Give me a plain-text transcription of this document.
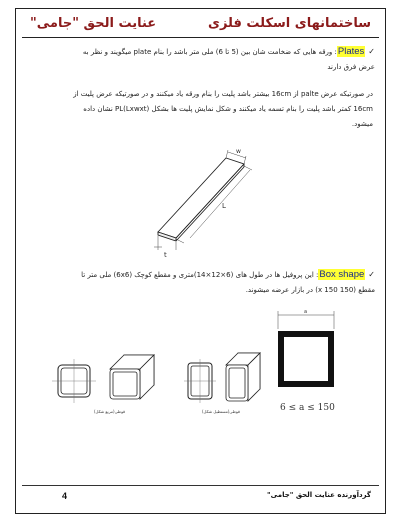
عنایت الحق "جامی"	ساختمانهای اسکلت فلزی
✓Plates: ورقه هایی که ضخامت شان بین (5 تا 6) ملی متر باشد را بنام plate میگویند و نظر به
عرض فرق دارند
در صورتیکه عرض palte از 16cm بیشتر باشد پلیت را بنام ورقه یاد میکنند و در صورتیکه عرض پلیت از
16cm کمتر باشد پلیت را بنام تسمه یاد میکنند و شکل نمایش پلیت ها بشکل PL(Lxwxt) نشان داده
میشود.
w
L
t
✓Box shape: این پروفیل ها در طول های (6×12×14)متری و مقطع کوچک (6x6) ملی متر تا
مقطع (150 x 150) در بازار عرضه میشوند.
قوطی(مربع شکل)	قوطی(مستطیل شکل)
a
6 ≤ a ≤ 150
4	گردآورنده عنایت الحق "جامی"
